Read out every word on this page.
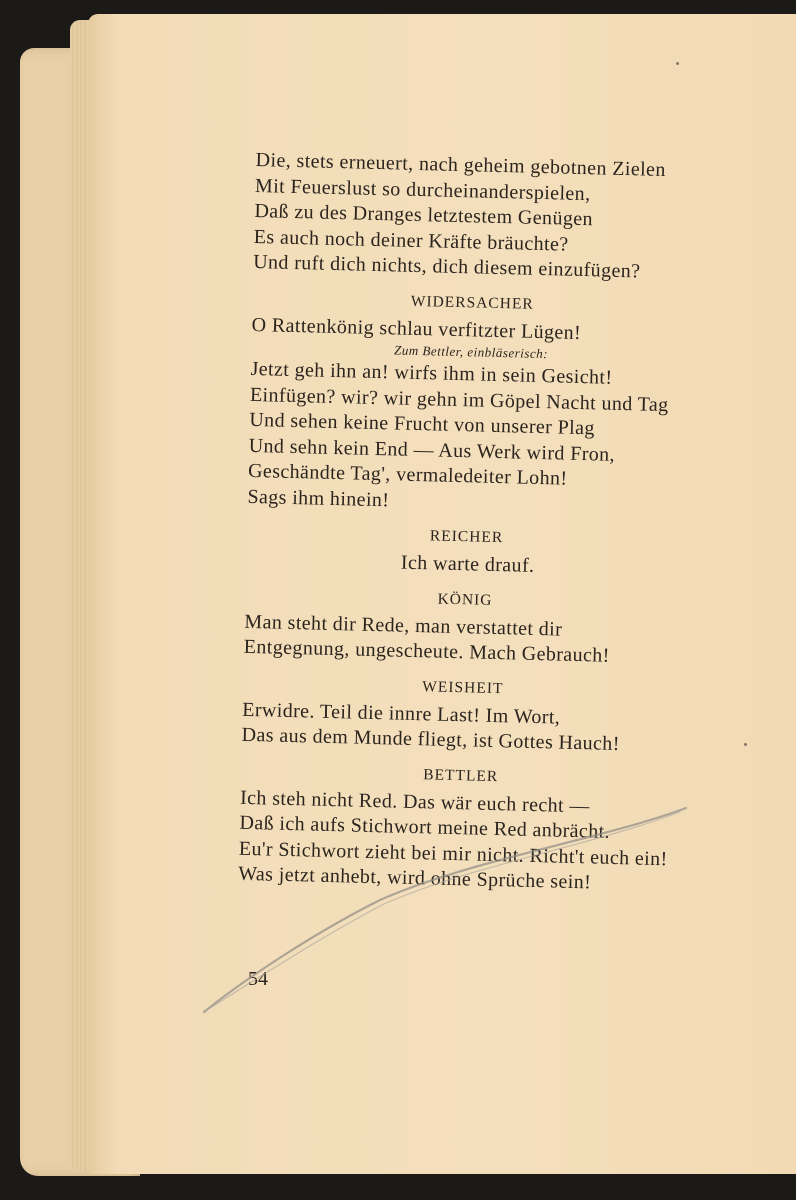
Die, stets erneuert, nach geheim gebotnen Zielen
Mit Feuerslust so durcheinanderspielen,
Daß zu des Dranges letztestem Genügen
Es auch noch deiner Kräfte bräuchte?
Und ruft dich nichts, dich diesem einzufügen?
WIDERSACHER
O Rattenkönig schlau verfitzter Lügen!
Zum Bettler, einbläserisch:
Jetzt geh ihn an! wirfs ihm in sein Gesicht!
Einfügen? wir? wir gehn im Göpel Nacht und Tag
Und sehen keine Frucht von unserer Plag
Und sehn kein End — Aus Werk wird Fron,
Geschändte Tag', vermaledeiter Lohn!
Sags ihm hinein!
REICHER
Ich warte drauf.
KÖNIG
Man steht dir Rede, man verstattet dir
Entgegnung, ungescheute. Mach Gebrauch!
WEISHEIT
Erwidre. Teil die innre Last! Im Wort,
Das aus dem Munde fliegt, ist Gottes Hauch!
BETTLER
Ich steh nicht Red. Das wär euch recht —
Daß ich aufs Stichwort meine Red anbrächt.
Eu'r Stichwort zieht bei mir nicht. Richt't euch ein!
Was jetzt anhebt, wird ohne Sprüche sein!
54
